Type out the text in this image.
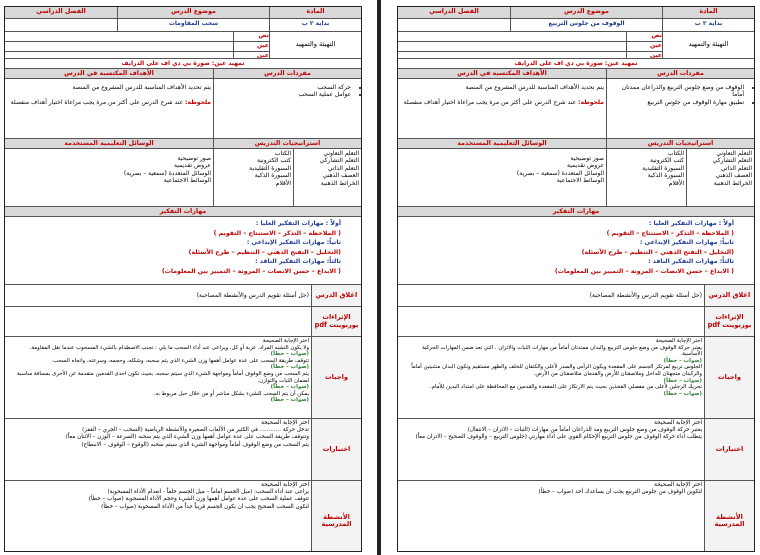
المادة
موضوع الدرس
الفصل الدراسي
بداية ٢ ب
الوقوف من جلوس التربيع
التهيئة والتمهيد
نص
عين
عين
تمهيد عين: صورة بي دي اف على الدرايف
مفردات الدرس
الأهداف المكتسبة في الدرس
• الوقوف من وضع جلوس التربيع والذراعان ممدتان أماماً
• تطبيق مهارة الوقوف من جلوس التربيع
يتم تحديد الأهداف المناسبة للدرس المشروع من المنصة
ملحوظة: عند شرح الدرس على أكثر من مرة يجب مراعاة اختيار أهداف منفصلة
استراتيجيات التدريس
الوسائل التعليمية المستخدمة
التعلم التعاوني
التعلم التشاركي
التعلم الذاتي
العصف الذهني
الخرائط الذهنية
الكتاب
كتب الكترونية
السبورة التقليدية
السبورة الذكية
الأقلام
صور توضيحية
عروض تقديمية
الوسائل المتعددة (سمعية – بصرية)
الوسائط الاجتماعية
مهارات التفكير
أولاً : مهارات التفكير العليا :
( الملاحظة – التذكر – الاستنتاج – التقويم )
ثانياً: مهارات التفكير الإبداعي :
(التحليل – التفتح الذهني – التنظيم – طرح الأسئلة)
ثالثاً: مهارات التفكير الناقد :
( الابداع – حسن الانصات – المرونة – التمييز بين المعلومات)
اغلاق الدرس
(حل أسئلة تقويم الدرس والأنشطة المصاحبة)
الإثراءات
بوربوينت pdf
واجبات
اختر الإجابة الصحيحة
يعتبر حركة الوقوف من وضع جلوس التربيع والبدان ممتدتان أماماً من مهارات الثبات والاتزان . التي تعد ضمن المهارات الحركية الأساسية.
(صواب – خطأ)
الجلوس تربيع لمرتكز الجسم على المقعدة ويكون الرأس والصدر لأعلى والكتفان للخلف والظهر مستقيم وتكون البدان منثنيتين أماماً والركبتان متجهتان للداخل وملاصقتان للأرض والقدمان متلاصقتان من الأرض.
(صواب – خطأ)
تحريك الرجلين لأعلى من مفصلي الفخذين بحيث يتم الارتكاز على المقعدة والقدمين مع المحافظة على امتداد البدين للأمام.
(صواب – خطأ)
اختبارات
اختر الإجابة الصحيحة
يعتبر حركة الوقوف من وضع جلوس التربيع ومد الذراعان أماماً من مهارات (الثبات – الاتزان – الانتقال)
يتطلب اداء حركة الوقوف من جلوس التربيع الإحكام القوي على أداء مهارتي (جلوس التربيع – والوقوف الصحيح – الاتزان معاً)
الأنشطة المدرسية
اختر الإجابة الصحيحة
لتكوين الوقوف من جلوس التربيع يجب ان يساعدك أحد (صواب – خطأ)
المادة
موضوع الدرس
الفصل الدراسي
بداية ٢ ب
سحب المقاومات
التهيئة والتمهيد
نص
عين
عين
تمهيد عين: صورة بي دي اف على الدرايف
مفردات الدرس
الأهداف المكتسبة في الدرس
• حركة السحب
• عوامل عملية السحب
يتم تحديد الأهداف المناسبة للدرس المشروع من المنصة
ملحوظة: عند شرح الدرس على أكثر من مرة يجب مراعاة اختيار أهداف منفصلة
استراتيجيات التدريس
الوسائل التعليمية المستخدمة
التعلم التعاوني
التعلم التشاركي
التعلم الذاتي
العصف الذهني
الخرائط الذهنية
الكتاب
كتب الكترونية
السبورة التقليدية
السبورة الذكية
الأقلام
صور توضيحية
عروض تقديمية
الوسائل المتعددة (سمعية – بصرية)
الوسائط الاجتماعية
مهارات التفكير
أولاً : مهارات التفكير العليا :
( الملاحظة – التذكر – الاستنتاج – التقويم )
ثانياً: مهارات التفكير الإبداعي :
(التحليل – التفتح الذهني – التنظيم – طرح الأسئلة)
ثالثاً: مهارات التفكير الناقد :
( الابداع – حسن الانصات – المرونة – التمييز بين المعلومات)
اغلاق الدرس
(حل أسئلة تقويم الدرس والأنشطة المصاحبة)
الإثراءات
بوربوينت pdf
واجبات
اختر الإجابة الصحيحة
ولا يكون التشبه المراد، عربة أو كل، ويراعى عند أداء السحب ما يلي : تجنب الاصطدام بالشيء المسحوب عندما تقل المقاومة.
(صواب – خطأ)
تتوقف طريقة السحب على عدة عوامل أهمها وزن الشيء الذي يتم سحبه، وشكله، وحجمه، وسرعته، واتجاه السحب.
(صواب – خطأ)
يتم السحب من وضع الوقوف أماماً ومواجهة الشيء الذي سيتم سحبه، بحيث تكون احدى القدمين متقدمة عن الأخرى بمسافة مناسبة لضمان الثبات والتوازن.
(صواب – خطأ)
يمكن أن يتم السحب للشيء بشكل مباشر أو من خلال حبل مربوط به.
(صواب – خطأ)
اختبارات
اختر الإجابة الصحيحة
تدخل حركة ............ في الكثير من الألعاب الصغيرة والأنشطة الرياضية (السحب – الجري – القفز)
وتتوقف طريقة السحب على عدة عوامل أهمها وزن الشيء الذي يتم سحبه (السرعة – الوزن – الاثنان معاً)
يتم السحب من وضع الوقوف أماماً ومواجهة الشيء الذي سيتم سحبه (الوقوع – الوقوف – الانبطاح)
الأنشطة المدرسية
اختر الإجابة الصحيحة
يراعى عند أداء السحب: (ميل الجسم أماماً – ميل الجسم خلفاً - انعدام الأداة المسحوبة)
تتوقف عملية السحب على عدة عوامل أهمها وزن الشيء وحجم الأداة المسحوبة (صواب – خطأ)
لتكون السحب الصحيح يجب ان يكون الجسم قريباً جداً من الأداة المسحوبة (صواب – خطأ)
